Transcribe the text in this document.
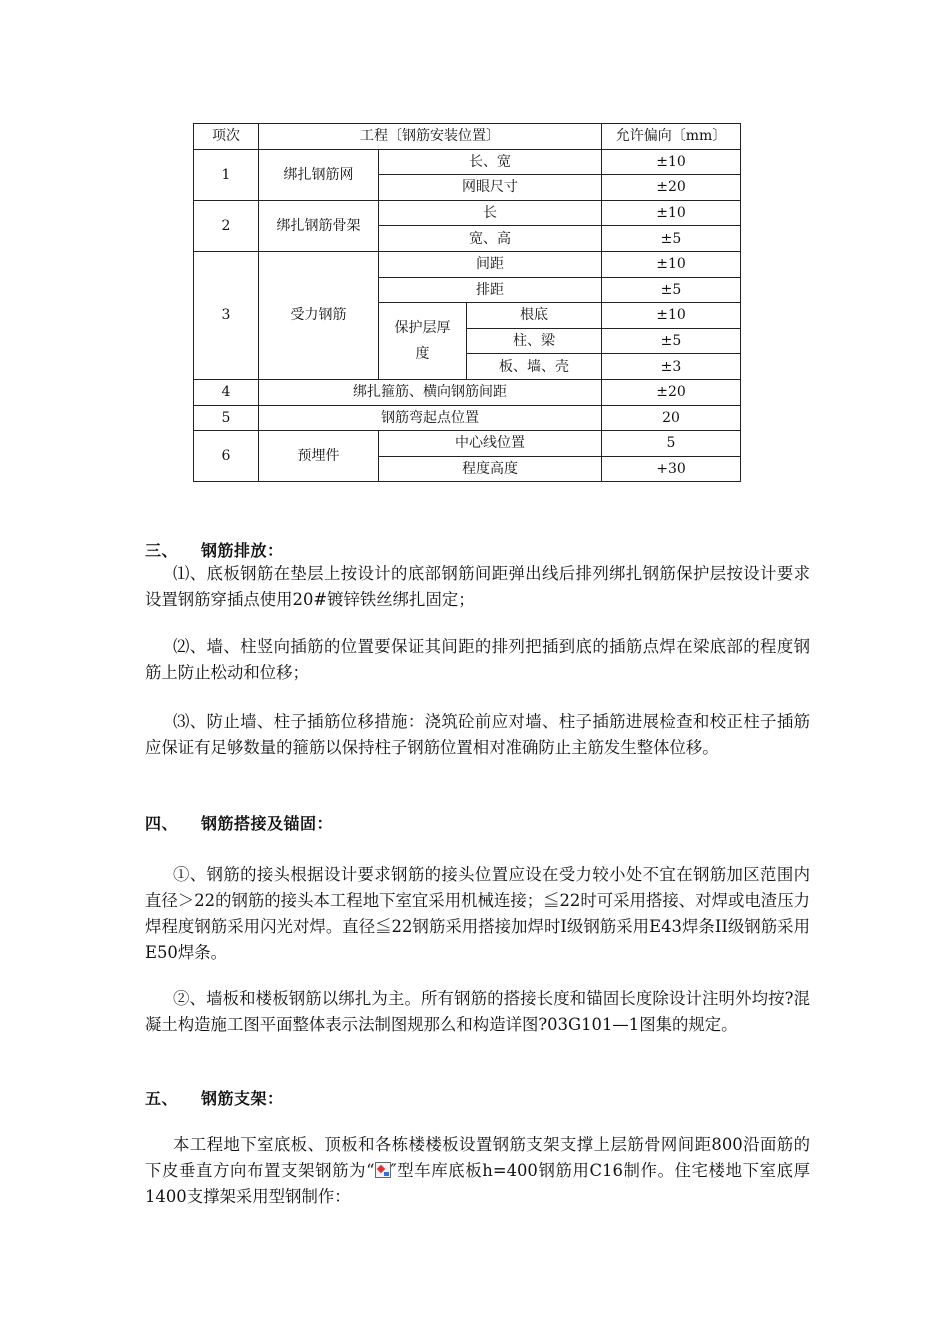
项次	工程〔钢筋安装位置〕			允许偏向〔mm〕
1	绑扎钢筋网	长、宽		±10
		网眼尺寸		±20
2	绑扎钢筋骨架	长		±10
		宽、高		±5
3	受力钢筋	间距		±10
		排距		±5
		保护层厚度	根底	±10
			柱、梁	±5
			板、墙、壳	±3
4	绑扎箍筋、横向钢筋间距			±20
5	钢筋弯起点位置			20
6	预埋件	中心线位置		5
		程度高度		+30
三、 钢筋排放：

⑴、底板钢筋在垫层上按设计的底部钢筋间距弹出线后排列绑扎钢筋保护层按设计要求设置钢筋穿插点使用20#镀锌铁丝绑扎固定；

⑵、墙、柱竖向插筋的位置要保证其间距的排列把插到底的插筋点焊在梁底部的程度钢筋上防止松动和位移；

⑶、防止墙、柱子插筋位移措施：浇筑砼前应对墙、柱子插筋进展检查和校正柱子插筋应保证有足够数量的箍筋以保持柱子钢筋位置相对准确防止主筋发生整体位移。

四、 钢筋搭接及锚固：

①、钢筋的接头根据设计要求钢筋的接头位置应设在受力较小处不宜在钢筋加区范围内直径＞22的钢筋的接头本工程地下室宜采用机械连接；≦22时可采用搭接、对焊或电渣压力焊程度钢筋采用闪光对焊。直径≦22钢筋采用搭接加焊时I级钢筋采用E43焊条II级钢筋采用E50焊条。

②、墙板和楼板钢筋以绑扎为主。所有钢筋的搭接长度和锚固长度除设计注明外均按?混凝土构造施工图平面整体表示法制图规那么和构造详图?03G101—1图集的规定。

五、 钢筋支架：

本工程地下室底板、顶板和各栋楼楼板设置钢筋支架支撑上层筋骨网间距800沿面筋的下皮垂直方向布置支架钢筋为“ ″型车库底板h=400钢筋用C16制作。住宅楼地下室底厚1400支撑架采用型钢制作：
